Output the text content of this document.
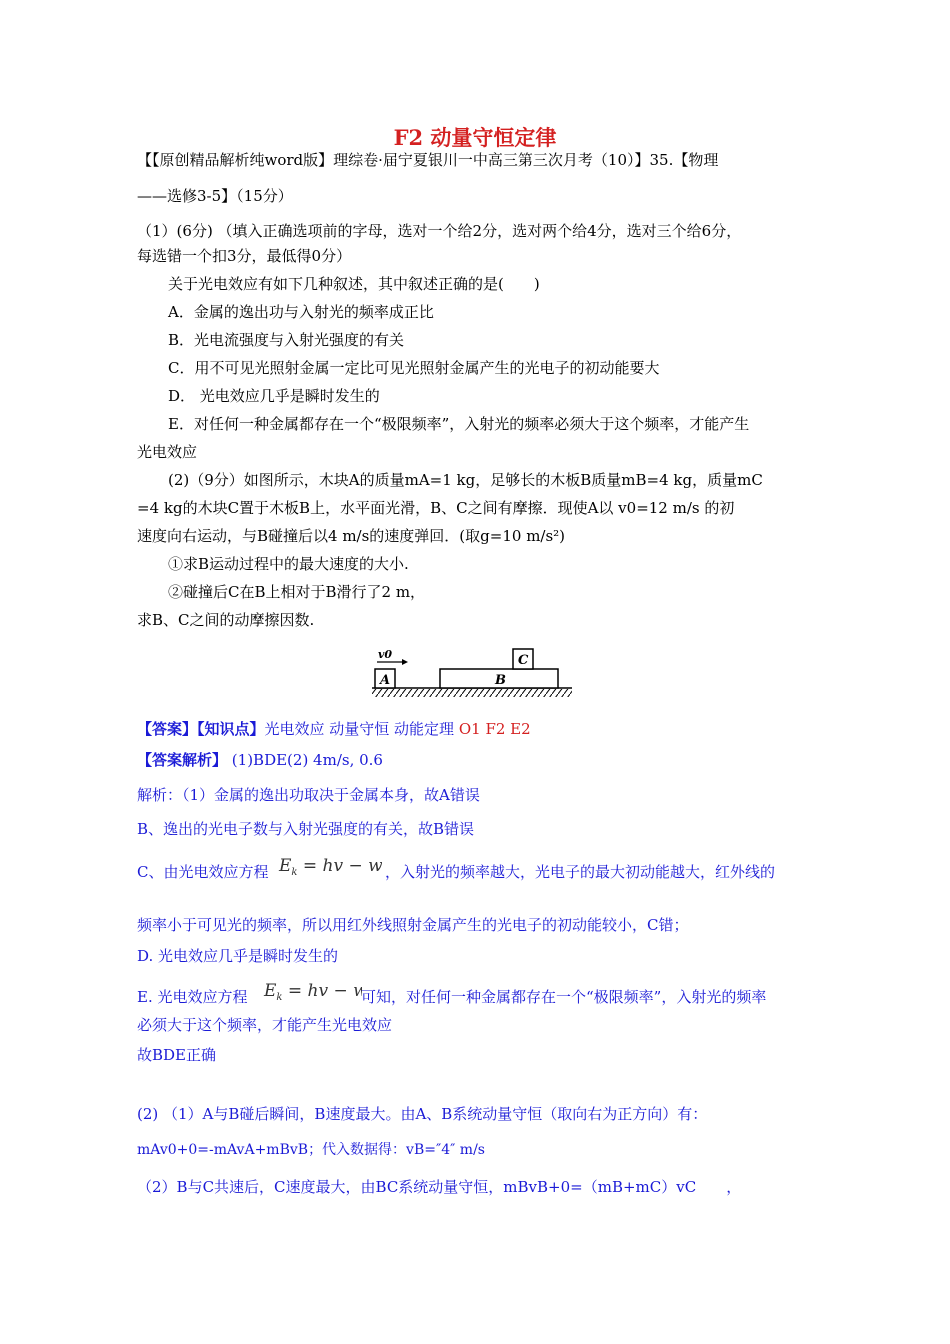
F2 动量守恒定律
【【原创精品解析纯word版】理综卷·届宁夏银川一中高三第三次月考（10）】35.【物理
——选修3-5】（15分）
（1）(6分) （填入正确选项前的字母，选对一个给2分，选对两个给4分，选对三个给6分，
每选错一个扣3分，最低得0分）
关于光电效应有如下几种叙述，其中叙述正确的是(　　)
A．金属的逸出功与入射光的频率成正比
B．光电流强度与入射光强度的有关
C．用不可见光照射金属一定比可见光照射金属产生的光电子的初动能要大
D． 光电效应几乎是瞬时发生的
E．对任何一种金属都存在一个“极限频率”，入射光的频率必须大于这个频率，才能产生
光电效应
(2)（9分）如图所示，木块A的质量mA=1 kg，足够长的木板B质量mB=4 kg，质量mC
=4 kg的木块C置于木板B上，水平面光滑，B、C之间有摩擦．现使A以 v0=12 m/s 的初
速度向右运动，与B碰撞后以4 m/s的速度弹回．(取g=10 m/s²)
①求B运动过程中的最大速度的大小.
②碰撞后C在B上相对于B滑行了2 m，
求B、C之间的动摩擦因数.
A	B
C
v0
【答案】【知识点】光电效应 动量守恒 动能定理 O1 F2 E2
【答案解析】 (1)BDE(2) 4m/s, 0.6
解析：（1）金属的逸出功取决于金属本身，故A错误
B、逸出的光电子数与入射光强度的有关，故B错误
C、由光电效应方程 $E_k$ = hv − w ，入射光的频率越大，光电子的最大初动能越大，红外线的
频率小于可见光的频率，所以用红外线照射金属产生的光电子的初动能较小，C错；
D. 光电效应几乎是瞬时发生的
E. 光电效应方程 $E_k$ = hv − w
可知，对任何一种金属都存在一个“极限频率”，入射光的频率
必须大于这个频率，才能产生光电效应
故BDE正确
(2) （1）A与B碰后瞬间，B速度最大。由A、B系统动量守恒（取向右为正方向）有：
mAv0+0=-mAvA+mBvB；代入数据得：vB=″4″ m/s
（2）B与C共速后，C速度最大，由BC系统动量守恒，mBvB+0=（mB+mC）vC　　，
